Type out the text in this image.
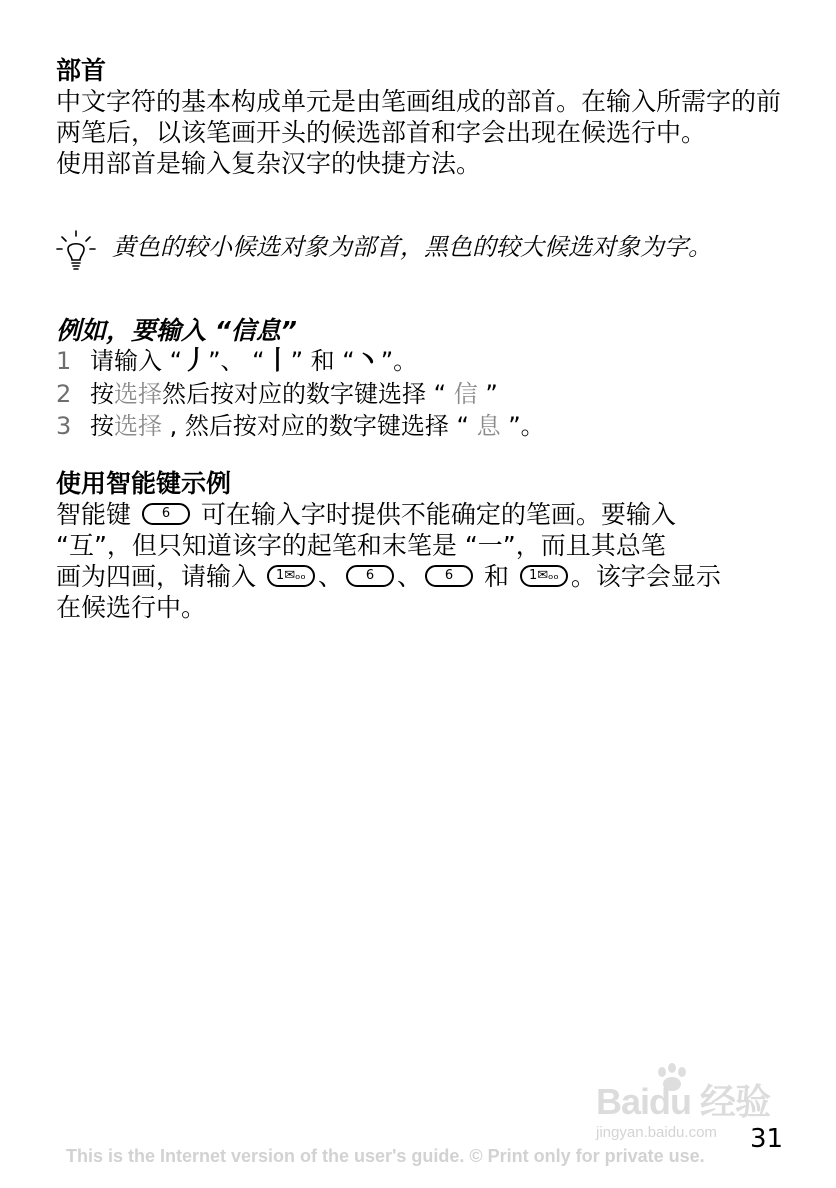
部首

中文字符的基本构成单元是由笔画组成的部首。在输入所需字的前两笔后，以该笔画开头的候选部首和字会出现在候选行中。

使用部首是输入复杂汉字的快捷方法。

黄色的较小候选对象为部首，黑色的较大候选对象为字。

例如，要输入 “信息”

1 请输入 “丿”、 “丨” 和 “丶”。
2 按选择然后按对应的数字键选择 “ 信 ”
3 按选择 , 然后按对应的数字键选择 “ 息 ”。

使用智能键示例

智能键 6 可在输入字时提供不能确定的笔画。要输入

“互”，但只知道该字的起笔和末笔是 “一”，而且其总笔

画为四画，请输入 1✉ₒₒ 、 6 、 6 和 1✉ₒₒ 。该字会显示

在候选行中。

Baidu 经验
jingyan.baidu.com 31
This is the Internet version of the user's guide. © Print only for private use.
